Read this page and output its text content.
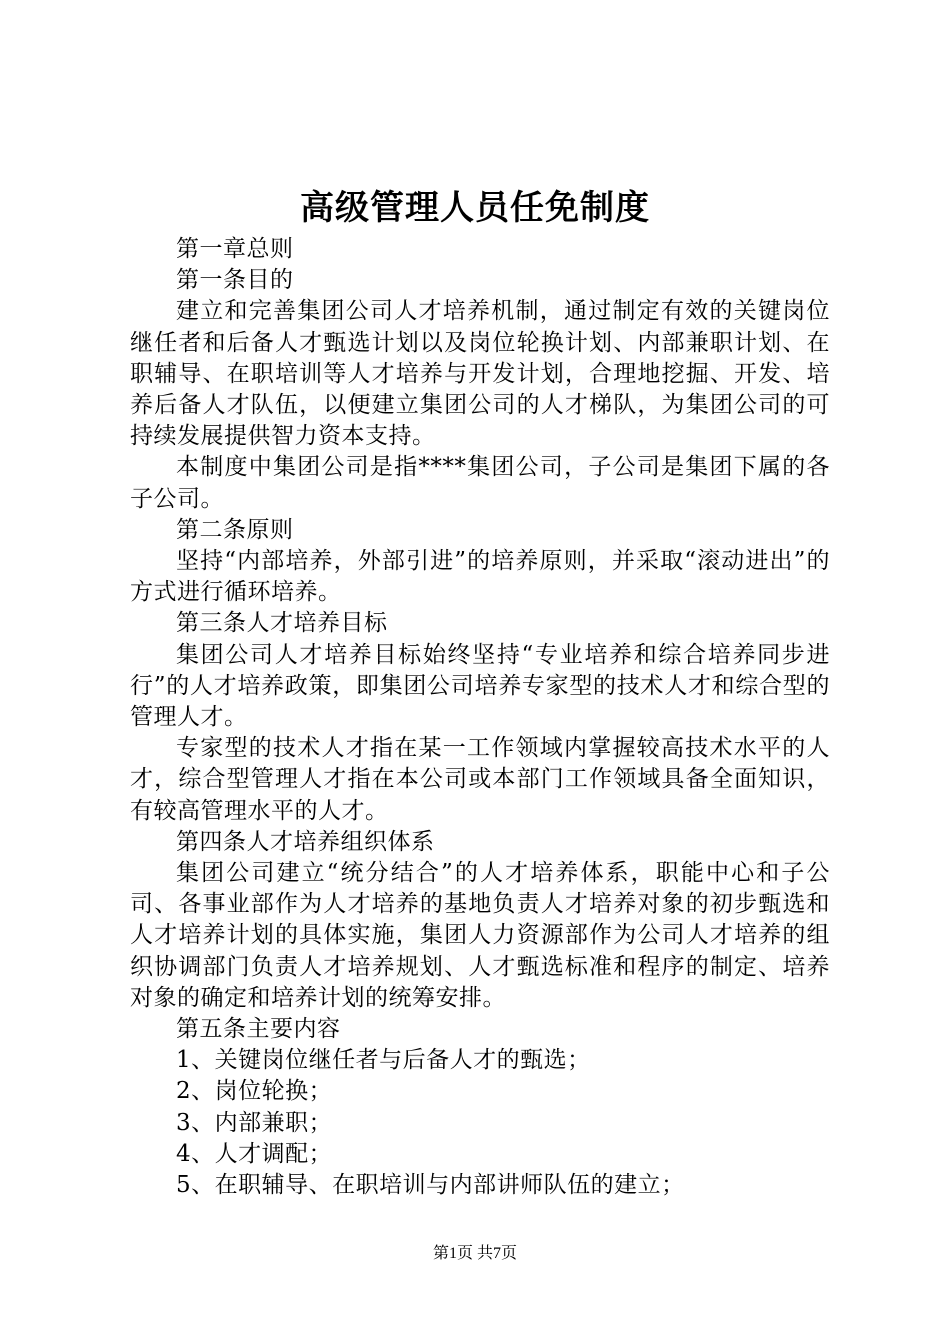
高级管理人员任免制度

第一章总则

第一条目的

建立和完善集团公司人才培养机制，通过制定有效的关键岗位继任者和后备人才甄选计划以及岗位轮换计划、内部兼职计划、在职辅导、在职培训等人才培养与开发计划，合理地挖掘、开发、培养后备人才队伍，以便建立集团公司的人才梯队，为集团公司的可持续发展提供智力资本支持。

本制度中集团公司是指****集团公司，子公司是集团下属的各子公司。

第二条原则

坚持“内部培养，外部引进”的培养原则，并采取“滚动进出”的方式进行循环培养。

第三条人才培养目标

集团公司人才培养目标始终坚持“专业培养和综合培养同步进行”的人才培养政策，即集团公司培养专家型的技术人才和综合型的管理人才。

专家型的技术人才指在某一工作领域内掌握较高技术水平的人才，综合型管理人才指在本公司或本部门工作领域具备全面知识，有较高管理水平的人才。

第四条人才培养组织体系

集团公司建立“统分结合”的人才培养体系，职能中心和子公司、各事业部作为人才培养的基地负责人才培养对象的初步甄选和人才培养计划的具体实施，集团人力资源部作为公司人才培养的组织协调部门负责人才培养规划、人才甄选标准和程序的制定、培养对象的确定和培养计划的统筹安排。

第五条主要内容

1、关键岗位继任者与后备人才的甄选；

2、岗位轮换；

3、内部兼职；

4、人才调配；

5、在职辅导、在职培训与内部讲师队伍的建立；

第1页 共7页
